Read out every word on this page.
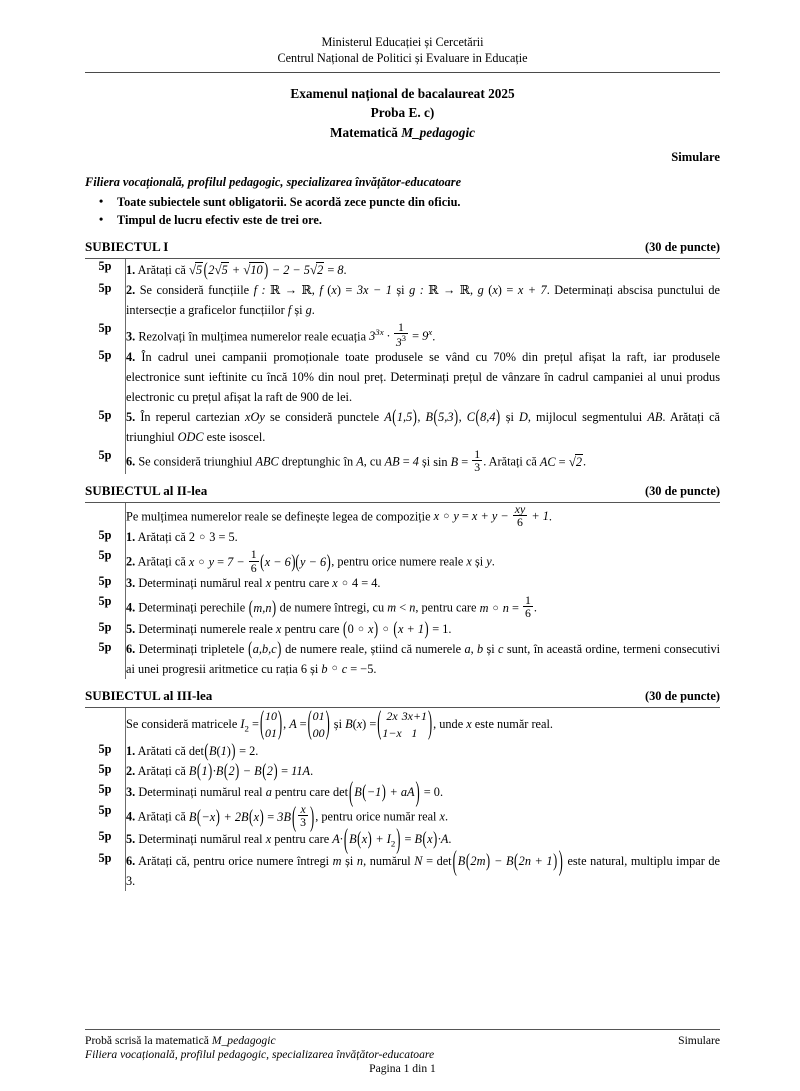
Ministerul Educației și Cercetării
Centrul Național de Politici și Evaluare in Educație
Examenul național de bacalaureat 2025
Proba E. c)
Matematică M_pedagogic
Simulare
Filiera vocațională, profilul pedagogic, specializarea învățător-educatoare
• Toate subiectele sunt obligatorii. Se acordă zece puncte din oficiu.
• Timpul de lucru efectiv este de trei ore.
SUBIECTUL I	(30 de puncte)
5p	1. Arătați că √5 (2√5 + √10 ) − 2 − 5√2 = 8.
5p	2. Se consideră funcțiile f : ℝ → ℝ, f (x) = 3x − 1 și g : ℝ → ℝ, g (x) = x + 7. Determinați abscisa punctului de intersecție a graficelor funcțiilor f și g.
5p	3. Rezolvați în mulțimea numerelor reale ecuația $3^{3x} \cdot \frac{1}{3^3} = 9^x$.
5p	4. În cadrul unei campanii promoționale toate produsele se vând cu 70% din prețul afișat la raft, iar produsele electronice sunt ieftinite cu încă 10% din noul preț. Determinați prețul de vânzare în cadrul campaniei al unui produs electronic cu prețul afișat la raft de 900 de lei.
5p	5. În reperul cartezian xOy se consideră punctele A(1,5), B(5,3), C(8,4) și D, mijlocul segmentului AB. Arătați că triunghiul ODC este isoscel.
5p	6. Se consideră triunghiul ABC dreptunghic în A, cu AB = 4 și $\sin B = \frac{1}{3}$ . Arătați că AC = √2.
SUBIECTUL al II-lea	(30 de puncte)
	Pe mulțimea numerelor reale se definește legea de compoziție x ○ $y = x + y - \frac{xy}{6} + 1$.
5p	1. Arătați că 2 ○ 3 = 5.
5p	2. Arătați că x ○ $y = 7 - \frac{1}{6} (x - 6)(y - 6)$, pentru orice numere reale x și y.
5p	3. Determinați numărul real x pentru care x ○ 4 = 4.
5p	4. Determinați perechile (m,n) de numere întregi, cu m < n, pentru care m ○ $n = \frac{1}{6}$ .
5p	5. Determinați numerele reale x pentru care (0 ○ x) ○ (x + 1) = 1.
5p	6. Determinați tripletele (a,b,c) de numere reale, știind că numerele a, b și c sunt, în această ordine, termeni consecutivi ai unei progresii aritmetice cu rația 6 și b ○ c = −5.
SUBIECTUL al III-lea	(30 de puncte)
	Se consideră matricele $I_2$ = ( 1	0
0	1 ) , A = ( 0	1
0	0 ) și B(x) = ( 2x	3x+1
1−x	1 ) , unde x este număr real.
5p	1. Arătati că det(B(1)) = 2.
5p	2. Arătați că B(1)·B(2) − B(2) = 11A.
5p	3. Determinați numărul real a pentru care det(B(−1) + aA) = 0.
5p	4. Arătați că $B(-x) + 2B(x) = 3B( \frac{x}{3}$ ), pentru orice număr real x.
5p	5. Determinați numărul real x pentru care $A\cdot(B(x) + I_2) = B(x)\cdot A$.
5p	6. Arătați că, pentru orice numere întregi m și n, numărul N = det(B(2m) − B(2n + 1) ) este natural, multiplu impar de 3.
Probă scrisă la matematică M_pedagogic	Simulare
Filiera vocațională, profilul pedagogic, specializarea învățător-educatoare
Pagina 1 din 1
